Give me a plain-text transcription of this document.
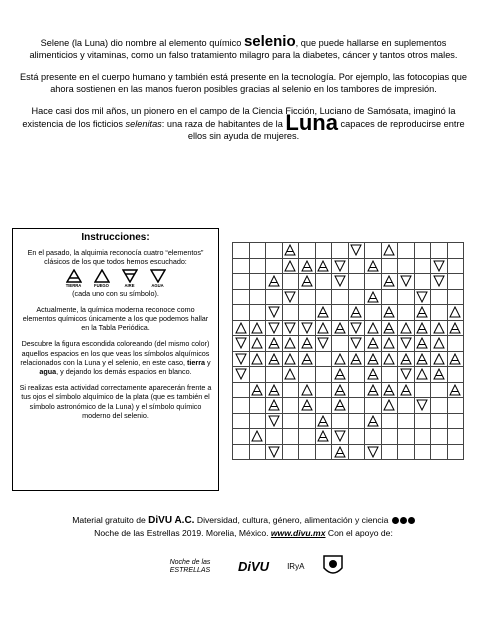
Selene (la Luna) dio nombre al elemento químico selenio, que puede hallarse en suplementos alimenticios y vitaminas, como un falso tratamiento milagro para la diabetes, cáncer y tantos otros males.

Está presente en el cuerpo humano y también está presente en la tecnología. Por ejemplo, las fotocopias que ahora sostienen en las manos fueron posibles gracias al selenio en los tambores de impresión.

Hace casi dos mil años, un pionero en el campo de la Ciencia Ficción, Luciano de Samósata, imaginó la existencia de los ficticios selenitas: una raza de habitantes de la Luna capaces de reproducirse entre ellos sin ayuda de mujeres.

Instrucciones:

En el pasado, la alquimia reconocía cuatro “elementos” clásicos de los que todos hemos escuchado:

TIERRA	FUEGO	AIRE	AGUA

(cada uno con su símbolo).

Actualmente, la química moderna reconoce como elementos químicos únicamente a los que podemos hallar en la Tabla Periódica.

Descubre la figura escondida coloreando (del mismo color) aquellos espacios en los que veas los símbolos alquímicos relacionados con la Luna y el selenio, en este caso, tierra y agua, y dejando los demás espacios en blanco.

Si realizas esta actividad correctamente aparecerán frente a tus ojos el símbolo alquímico de la plata (que es también el símbolo astronómico de la Luna) y el símbolo químico moderno del selenio.

Material gratuito de DiVU A.C. Diversidad, cultura, género, alimentación y ciencia
Noche de las Estrellas 2019. Morelia, México. www.divu.mx Con el apoyo de:
Noche de las ESTRELLAS	DiVU IRyA
